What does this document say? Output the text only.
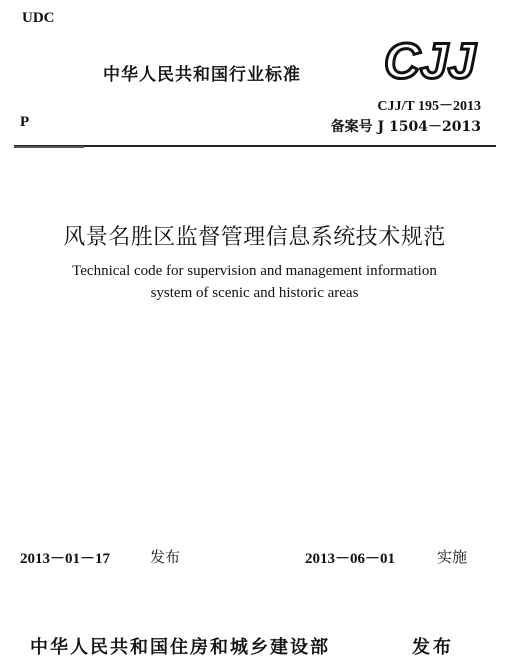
UDC
中华人民共和国行业标准 CJJ
CJJ/T 195－2013
备案号 J 1504－2013
P
风景名胜区监督管理信息系统技术规范
Technical code for supervision and management information
system of scenic and historic areas
2013－01－17	发布	2013－06－01	实施
中华人民共和国住房和城乡建设部	发布
